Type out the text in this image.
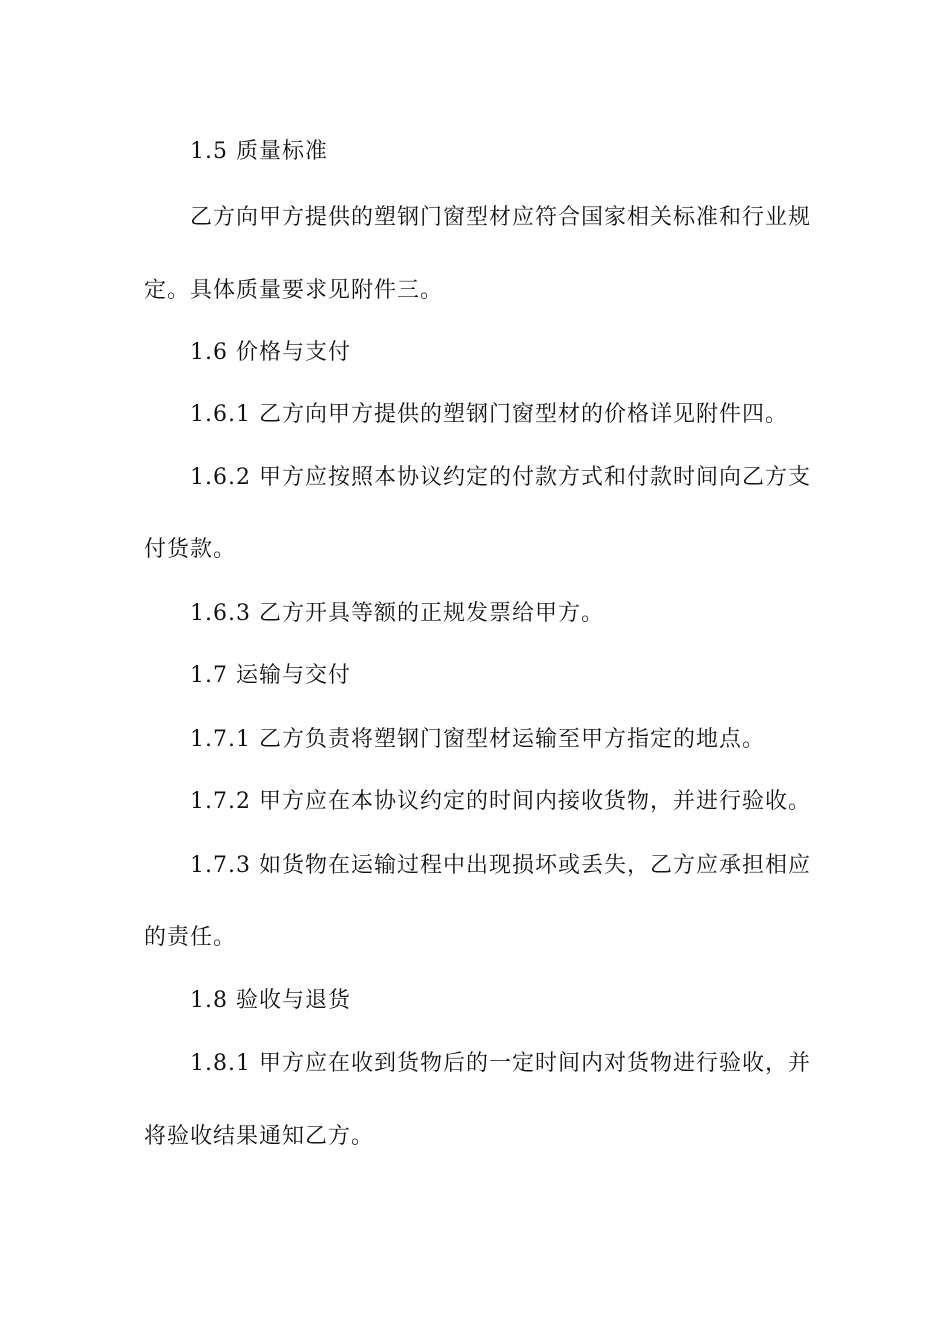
1.5 质量标准
乙方向甲方提供的塑钢门窗型材应符合国家相关标准和行业规
定。具体质量要求见附件三。
1.6 价格与支付
1.6.1 乙方向甲方提供的塑钢门窗型材的价格详见附件四。
1.6.2 甲方应按照本协议约定的付款方式和付款时间向乙方支
付货款。
1.6.3 乙方开具等额的正规发票给甲方。
1.7 运输与交付
1.7.1 乙方负责将塑钢门窗型材运输至甲方指定的地点。
1.7.2 甲方应在本协议约定的时间内接收货物，并进行验收。
1.7.3 如货物在运输过程中出现损坏或丢失，乙方应承担相应
的责任。
1.8 验收与退货
1.8.1 甲方应在收到货物后的一定时间内对货物进行验收，并
将验收结果通知乙方。
